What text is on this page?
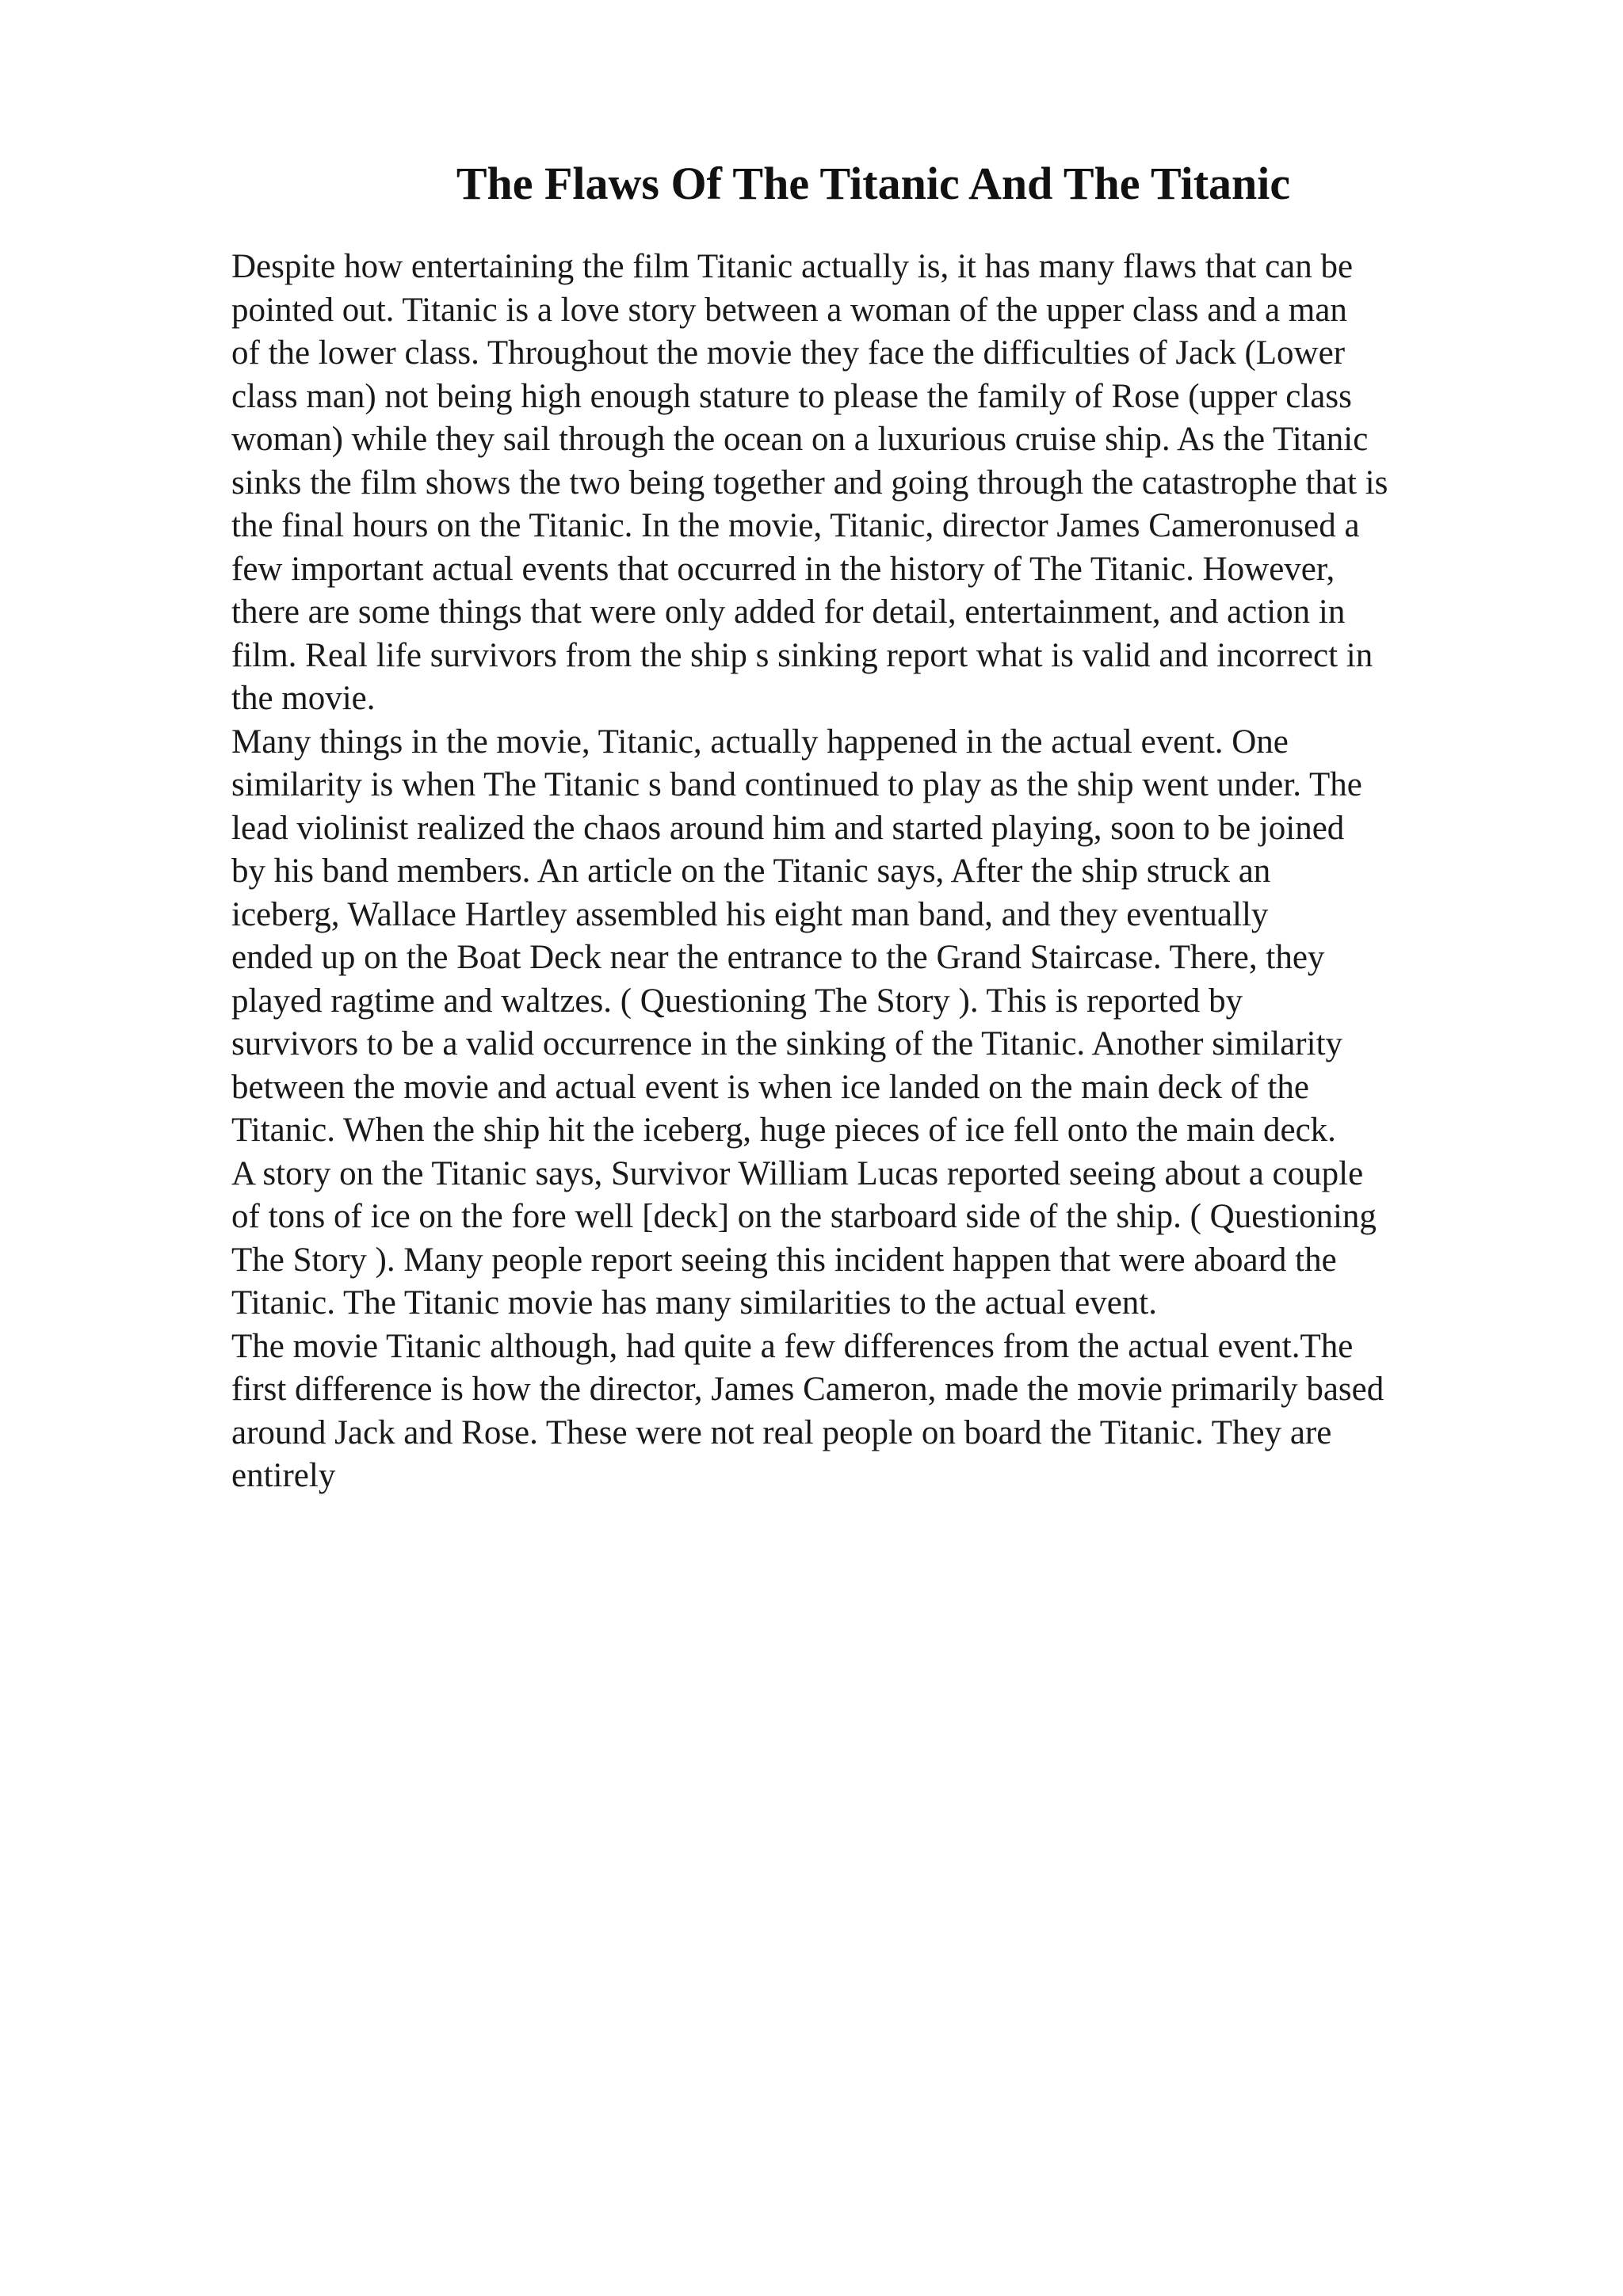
The Flaws Of The Titanic And The Titanic
Despite how entertaining the film Titanic actually is, it has many flaws that can be
pointed out. Titanic is a love story between a woman of the upper class and a man
of the lower class. Throughout the movie they face the difficulties of Jack (Lower
class man) not being high enough stature to please the family of Rose (upper class
woman) while they sail through the ocean on a luxurious cruise ship. As the Titanic
sinks the film shows the two being together and going through the catastrophe that is
the final hours on the Titanic. In the movie, Titanic, director James Cameronused a
few important actual events that occurred in the history of The Titanic. However,
there are some things that were only added for detail, entertainment, and action in
film. Real life survivors from the ship s sinking report what is valid and incorrect in
the movie.
Many things in the movie, Titanic, actually happened in the actual event. One
similarity is when The Titanic s band continued to play as the ship went under. The
lead violinist realized the chaos around him and started playing, soon to be joined
by his band members. An article on the Titanic says, After the ship struck an
iceberg, Wallace Hartley assembled his eight man band, and they eventually
ended up on the Boat Deck near the entrance to the Grand Staircase. There, they
played ragtime and waltzes. ( Questioning The Story ). This is reported by
survivors to be a valid occurrence in the sinking of the Titanic. Another similarity
between the movie and actual event is when ice landed on the main deck of the
Titanic. When the ship hit the iceberg, huge pieces of ice fell onto the main deck.
A story on the Titanic says, Survivor William Lucas reported seeing about a couple
of tons of ice on the fore well [deck] on the starboard side of the ship. ( Questioning
The Story ). Many people report seeing this incident happen that were aboard the
Titanic. The Titanic movie has many similarities to the actual event.
The movie Titanic although, had quite a few differences from the actual event.The
first difference is how the director, James Cameron, made the movie primarily based
around Jack and Rose. These were not real people on board the Titanic. They are
entirely
